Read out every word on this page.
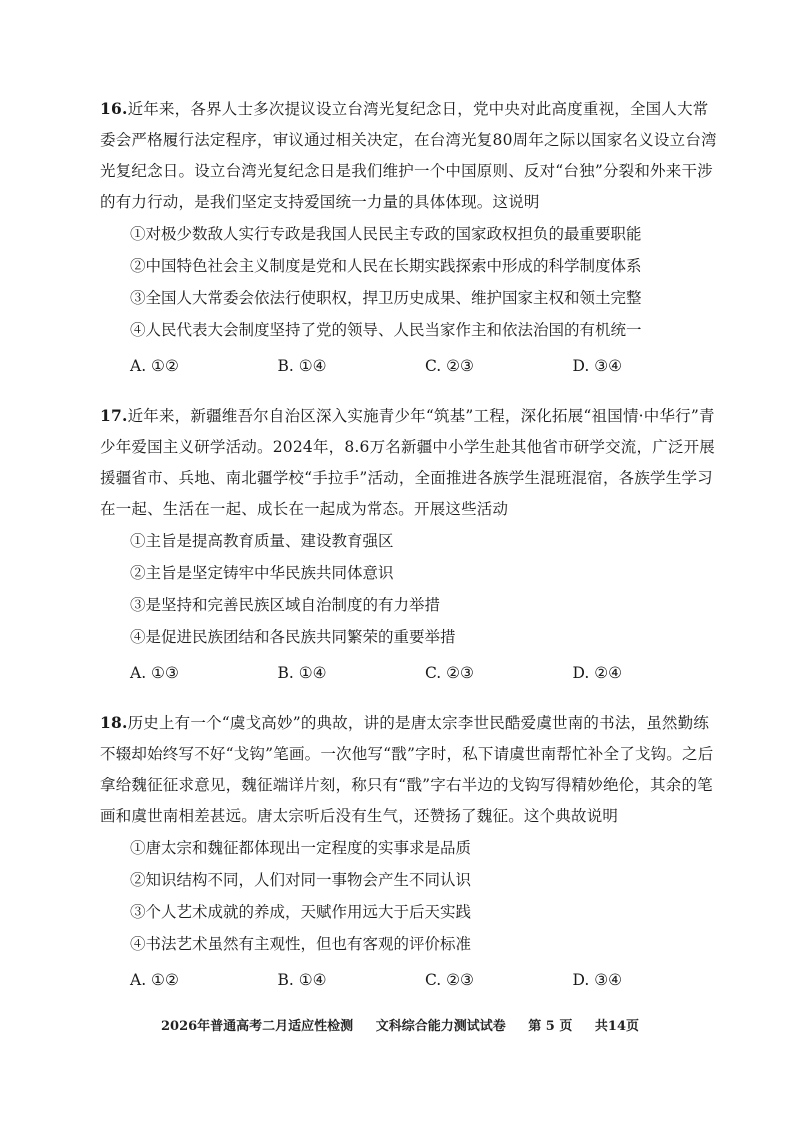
16.近年来，各界人士多次提议设立台湾光复纪念日，党中央对此高度重视，全国人大常委会严格履行法定程序，审议通过相关决定，在台湾光复80周年之际以国家名义设立台湾光复纪念日。设立台湾光复纪念日是我们维护一个中国原则、反对“台独”分裂和外来干涉的有力行动，是我们坚定支持爱国统一力量的具体体现。这说明

①对极少数敌人实行专政是我国人民民主专政的国家政权担负的最重要职能

②中国特色社会主义制度是党和人民在长期实践探索中形成的科学制度体系

③全国人大常委会依法行使职权，捍卫历史成果、维护国家主权和领土完整

④人民代表大会制度坚持了党的领导、人民当家作主和依法治国的有机统一

A. ①②	B. ①④	C. ②③	D. ③④

17.近年来，新疆维吾尔自治区深入实施青少年“筑基”工程，深化拓展“祖国情·中华行”青少年爱国主义研学活动。2024年，8.6万名新疆中小学生赴其他省市研学交流，广泛开展援疆省市、兵地、南北疆学校“手拉手”活动，全面推进各族学生混班混宿，各族学生学习在一起、生活在一起、成长在一起成为常态。开展这些活动

①主旨是提高教育质量、建设教育强区

②主旨是坚定铸牢中华民族共同体意识

③是坚持和完善民族区域自治制度的有力举措

④是促进民族团结和各民族共同繁荣的重要举措

A. ①③	B. ①④	C. ②③	D. ②④

18.历史上有一个“虞戈高妙”的典故，讲的是唐太宗李世民酷爱虞世南的书法，虽然勤练不辍却始终写不好“戈钩”笔画。一次他写“戬”字时，私下请虞世南帮忙补全了戈钩。之后拿给魏征征求意见，魏征端详片刻，称只有“戬”字右半边的戈钩写得精妙绝伦，其余的笔画和虞世南相差甚远。唐太宗听后没有生气，还赞扬了魏征。这个典故说明

①唐太宗和魏征都体现出一定程度的实事求是品质

②知识结构不同，人们对同一事物会产生不同认识

③个人艺术成就的养成，天赋作用远大于后天实践

④书法艺术虽然有主观性，但也有客观的评价标准

A. ①②	B. ①④	C. ②③	D. ③④
2026年普通高考二月适应性检测 文科综合能力测试试卷 第 5 页 共14页
